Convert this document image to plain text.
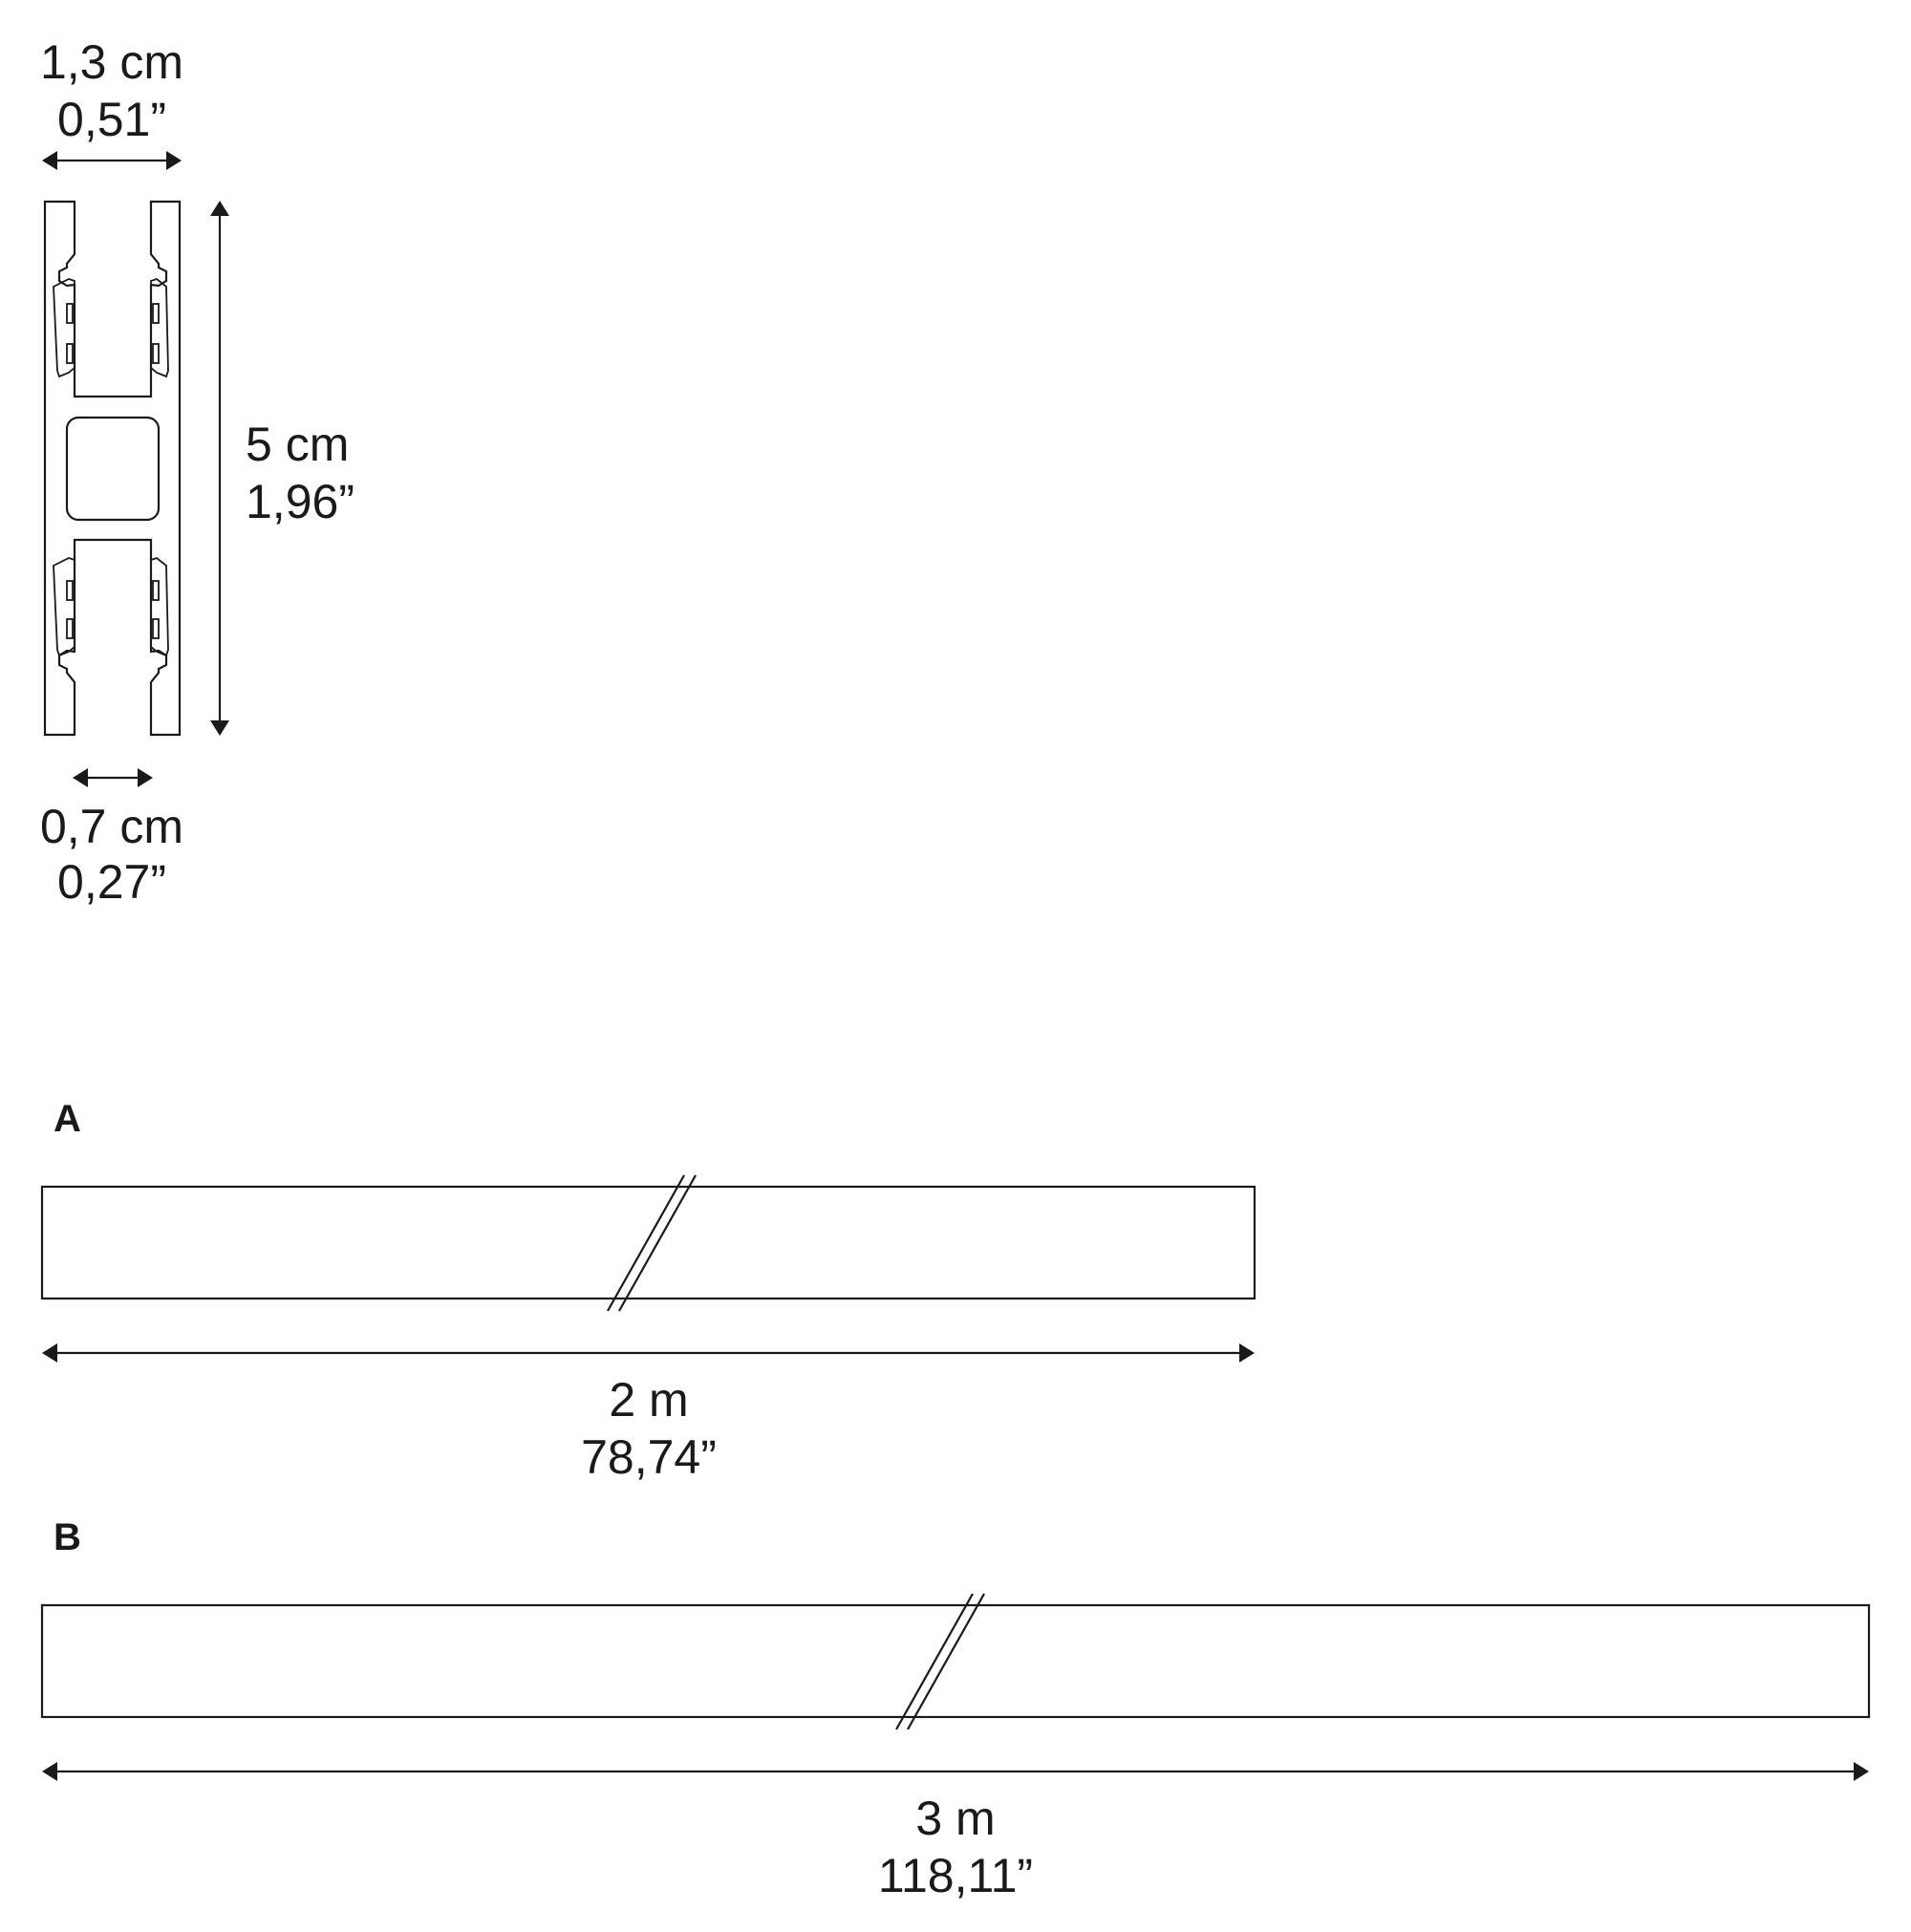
1,3 cm
0,51”
5 cm
1,96”
0,7 cm
0,27”
A
2 m
78,74”
B
3 m
118,11”
